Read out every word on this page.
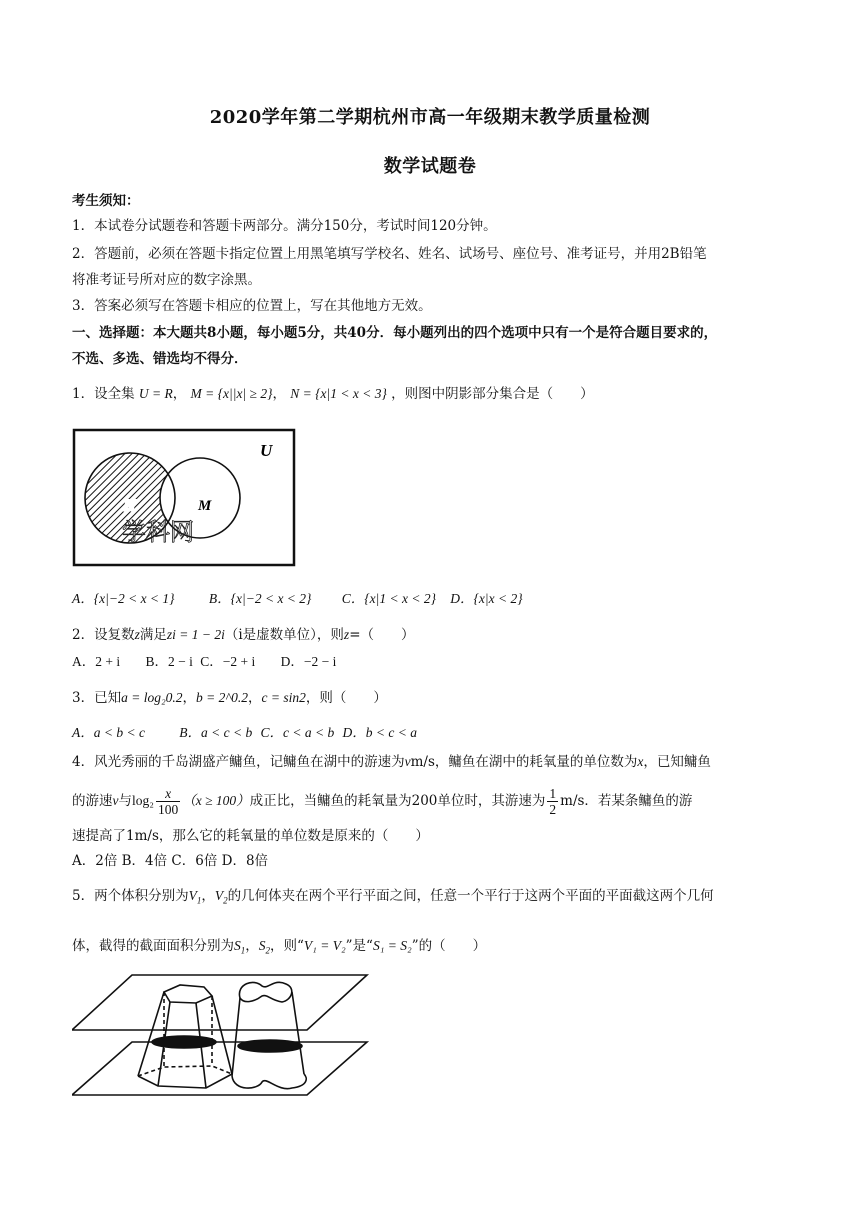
2020学年第二学期杭州市高一年级期末教学质量检测
数学试题卷
考生须知：
1．本试卷分试题卷和答题卡两部分。满分150分，考试时间120分钟。
2．答题前，必须在答题卡指定位置上用黑笔填写学校名、姓名、试场号、座位号、准考证号，并用2B铅笔
将准考证号所对应的数字涂黑。
3．答案必须写在答题卡相应的位置上，写在其他地方无效。
一、选择题：本大题共8小题，每小题5分，共40分．每小题列出的四个选项中只有一个是符合题目要求的，
不选、多选、错选均不得分．
1．设全集 U = R， M = {x||x| ≥ 2}， N = {x|1 < x < 3} ，则图中阴影部分集合是（　　）
U
N	M
学科网
A．{x|−2 < x < 1}	B．{x|−2 < x < 2} C．{x|1 < x < 2} D．{x|x < 2}
2．设复数z满足zi = 1 − 2i（i是虚数单位），则z=（　　）
A．2 + i B．2 − i C．−2 + i D．−2 − i
3．已知a = log₂0.2，b = 2^0.2，c = sin2，则（　　）
A．a < b < c	B．a < c < b C．c < a < b D．b < c < a
4．风光秀丽的千岛湖盛产鳙鱼，记鳙鱼在湖中的游速为vm/s，鳙鱼在湖中的耗氧量的单位数为x，已知鳙鱼
的游速v与$\log_2 \frac{x}{100} (x \ge 100)$成正比，当鳙鱼的耗氧量为200单位时，其游速为 $\frac{1}{2} m/s$．若某条鳙鱼的游
速提高了1m/s，那么它的耗氧量的单位数是原来的（　　）
A．2倍 B．4倍 C．6倍 D．8倍
5．两个体积分别为$V_1$，$V_2$的几何体夹在两个平行平面之间，任意一个平行于这两个平面的平面截这两个几何
体，截得的截面面积分别为$S_1$，$S_2$，则“V₁ = V₂”是“S₁ = S₂”的（　　）
